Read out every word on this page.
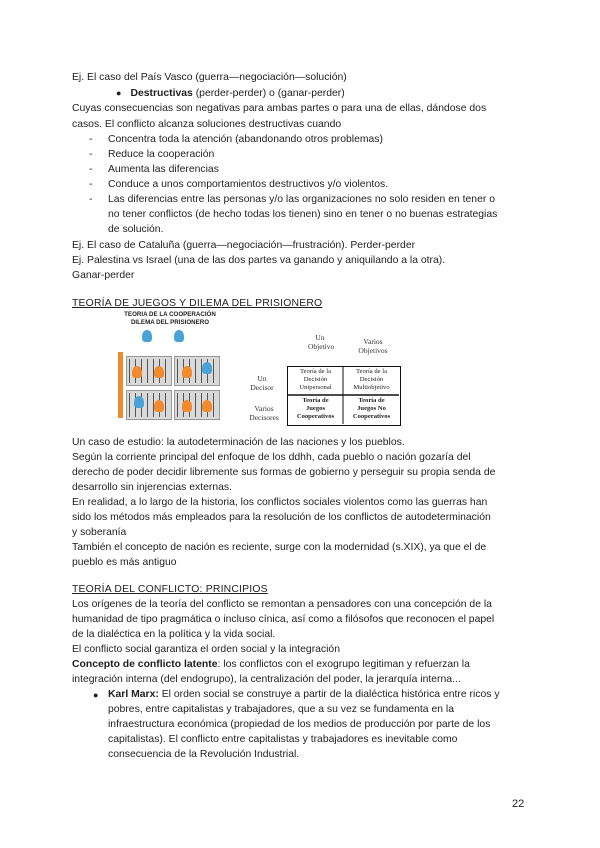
Ej. El caso del País Vasco (guerra—negociación—solución)
● Destructivas (perder-perder) o (ganar-perder)
Cuyas consecuencias son negativas para ambas partes o para una de ellas, dándose dos
casos. El conflicto alcanza soluciones destructivas cuando
- Concentra toda la atención (abandonando otros problemas)
- Reduce la cooperación
- Aumenta las diferencias
- Conduce a unos comportamientos destructivos y/o violentos.
- Las diferencias entre las personas y/o las organizaciones no solo residen en tener o
no tener conflictos (de hecho todas los tienen) sino en tener o no buenas estrategias
de solución.
Ej. El caso de Cataluña (guerra—negociación—frustración). Perder-perder
Ej. Palestina vs Israel (una de las dos partes va ganando y aniquilando a la otra).
Ganar-perder
TEORÍA DE JUEGOS Y DILEMA DEL PRISIONERO
TEORIA DE LA COOPERACIÓN
DILEMA DEL PRISIONERO
Un
Objetivo
Varios
Objetivos
Un
Decisor
Varios
Decisores
Teoría de la
Decisión
Unipersonal
Teoría de la
Decisión
Multiobjetivo
Teoría de
Juegos
Cooperativos
Teoría de
Juegos No
Cooperativos
Un caso de estudio: la autodeterminación de las naciones y los pueblos.
Según la corriente principal del enfoque de los ddhh, cada pueblo o nación gozaría del
derecho de poder decidir libremente sus formas de gobierno y perseguir su propia senda de
desarrollo sin injerencias externas.
En realidad, a lo largo de la historia, los conflictos sociales violentos como las guerras han
sido los métodos más empleados para la resolución de los conflictos de autodeterminación
y soberanía
También el concepto de nación es reciente, surge con la modernidad (s.XIX), ya que el de
pueblo es más antiguo
TEORÍA DEL CONFLICTO: PRINCIPIOS
Los orígenes de la teoría del conflicto se remontan a pensadores con una concepción de la
humanidad de tipo pragmática o incluso cínica, así como a filósofos que reconocen el papel
de la dialéctica en la política y la vida social.
El conflicto social garantiza el orden social y la integración
Concepto de conflicto latente: los conflictos con el exogrupo legitiman y refuerzan la
integración interna (del endogrupo), la centralización del poder, la jerarquía interna...
● Karl Marx: El orden social se construye a partir de la dialéctica histórica entre ricos y
pobres, entre capitalistas y trabajadores, que a su vez se fundamenta en la
infraestructura económica (propiedad de los medios de producción por parte de los
capitalistas). El conflicto entre capitalistas y trabajadores es inevitable como
consecuencia de la Revolución Industrial.
22
